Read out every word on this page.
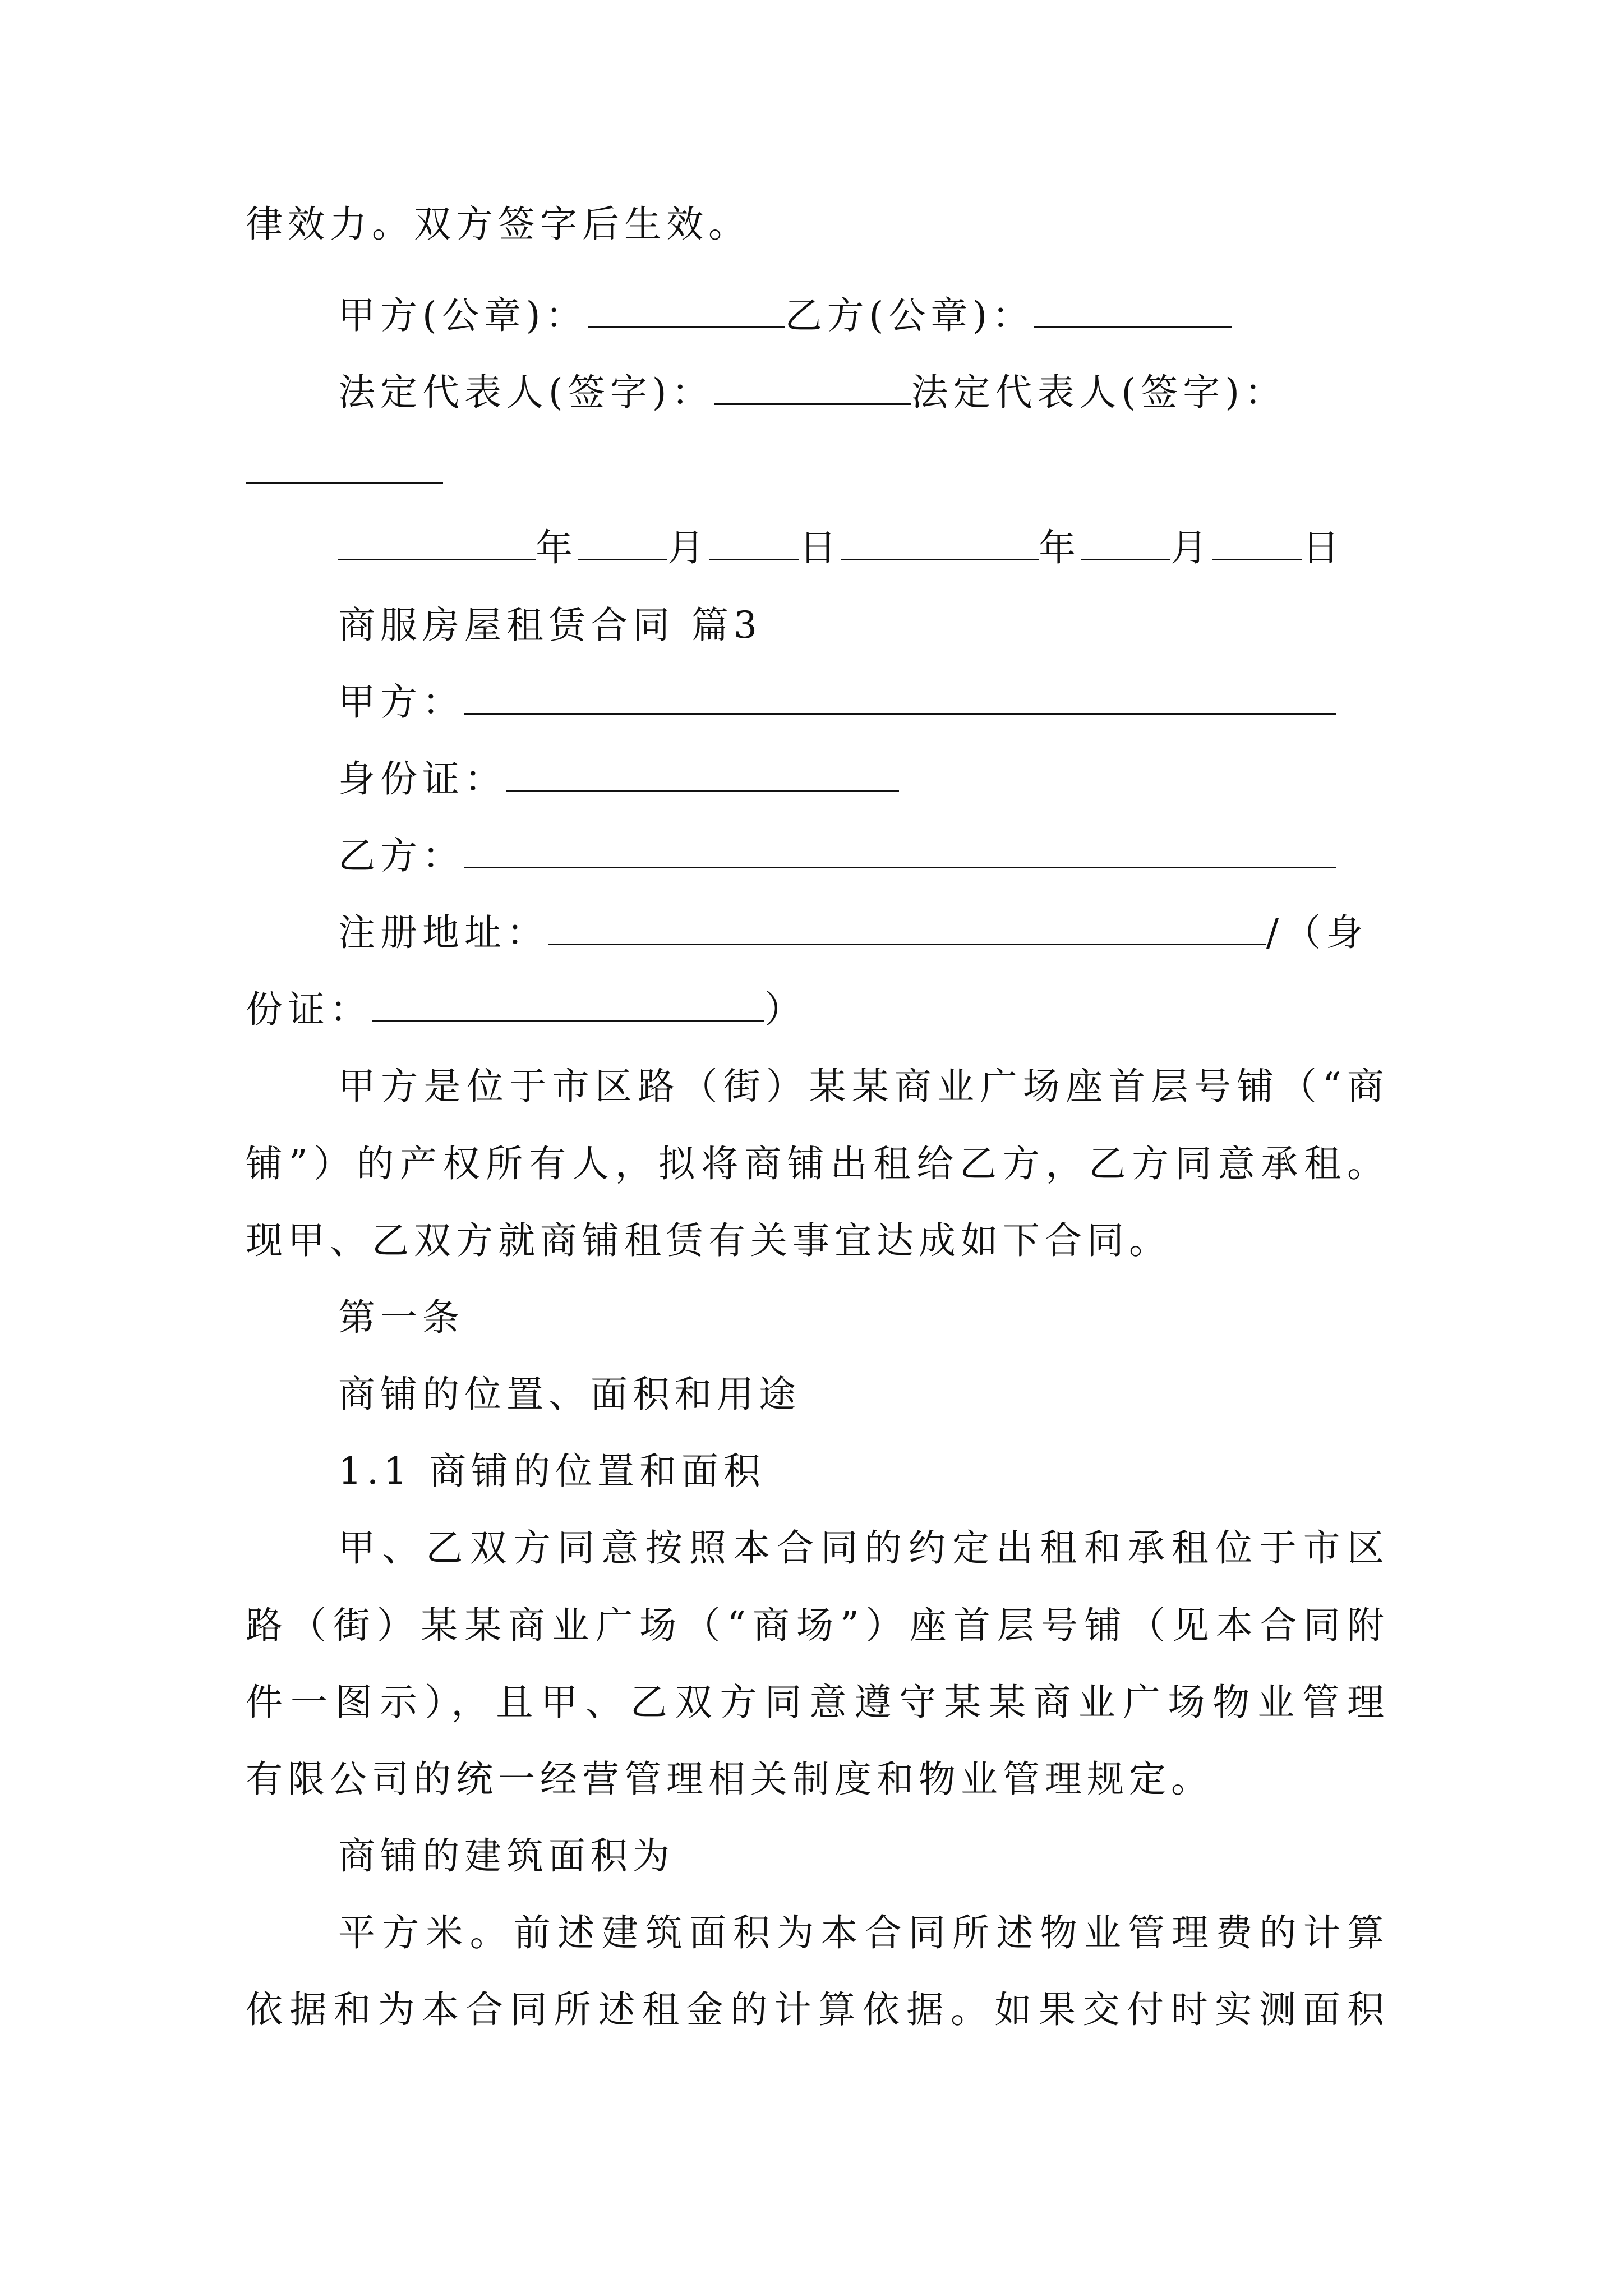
律效力。双方签字后生效。
甲方(公章)：	乙方(公章)：
法定代表人(签字)：	法定代表人(签字)：
年 月 日	年 月 日
商服房屋租赁合同 篇3
甲方：
身份证：
乙方：
注册地址：	/（身
份证：	）
甲方是位于市区路（街）某某商业广场座首层号铺（“商
铺”）的产权所有人，拟将商铺出租给乙方，乙方同意承租。
现甲、乙双方就商铺租赁有关事宜达成如下合同。
第一条
商铺的位置、面积和用途
1.1 商铺的位置和面积
甲、乙双方同意按照本合同的约定出租和承租位于市区
路（街）某某商业广场（“商场”）座首层号铺（见本合同附
件一图示），且甲、乙双方同意遵守某某商业广场物业管理
有限公司的统一经营管理相关制度和物业管理规定。
商铺的建筑面积为
平方米。前述建筑面积为本合同所述物业管理费的计算
依据和为本合同所述租金的计算依据。如果交付时实测面积
